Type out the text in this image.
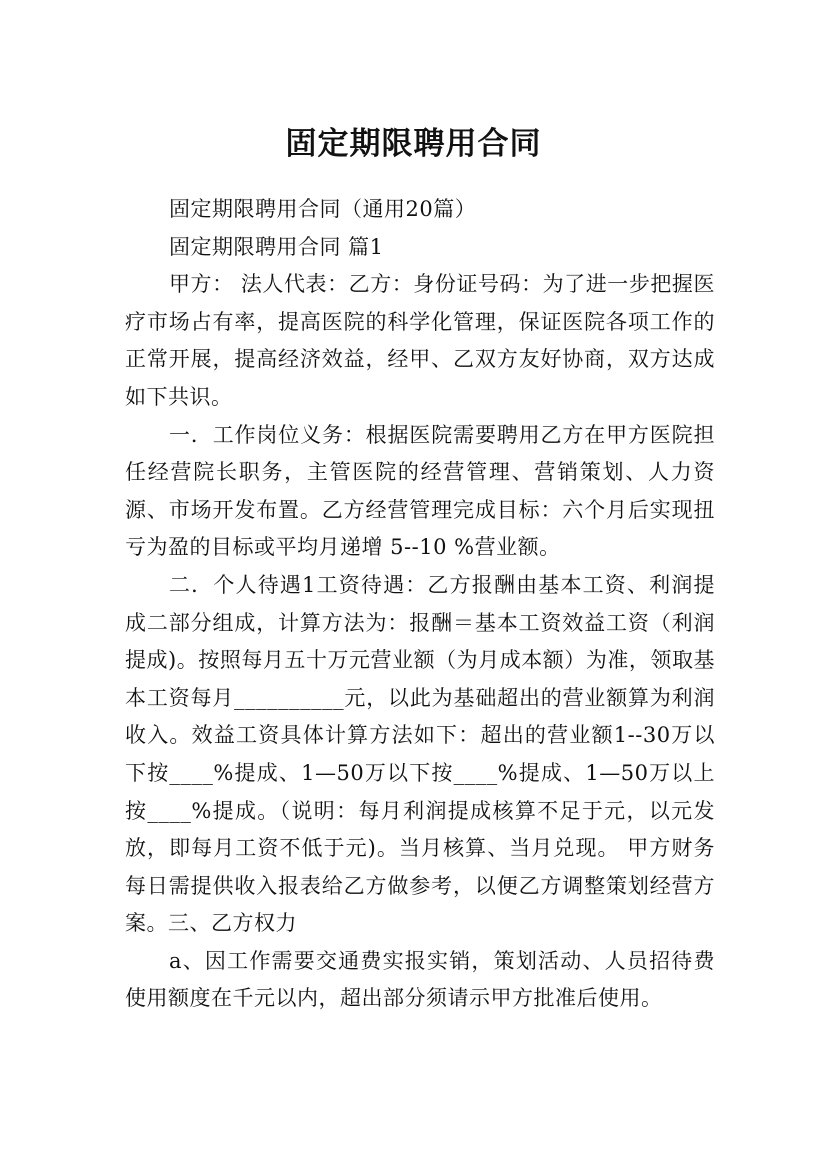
固定期限聘用合同

固定期限聘用合同（通用20篇）

固定期限聘用合同 篇1

甲方： 法人代表：乙方：身份证号码：为了进一步把握医疗市场占有率，提高医院的科学化管理，保证医院各项工作的正常开展，提高经济效益，经甲、乙双方友好协商，双方达成如下共识。

一．工作岗位义务：根据医院需要聘用乙方在甲方医院担任经营院长职务，主管医院的经营管理、营销策划、人力资源、市场开发布置。乙方经营管理完成目标：六个月后实现扭亏为盈的目标或平均月递增 5--10 %营业额。

二．个人待遇1工资待遇：乙方报酬由基本工资、利润提成二部分组成，计算方法为：报酬＝基本工资效益工资（利润提成)。按照每月五十万元营业额（为月成本额）为准，领取基本工资每月__________元，以此为基础超出的营业额算为利润收入。效益工资具体计算方法如下：超出的营业额1--30万以下按____%提成、1—50万以下按____%提成、1—50万以上按____%提成。（说明：每月利润提成核算不足于元，以元发放，即每月工资不低于元)。当月核算、当月兑现。 甲方财务每日需提供收入报表给乙方做参考，以便乙方调整策划经营方案。三、乙方权力

a、因工作需要交通费实报实销，策划活动、人员招待费使用额度在千元以内，超出部分须请示甲方批准后使用。
